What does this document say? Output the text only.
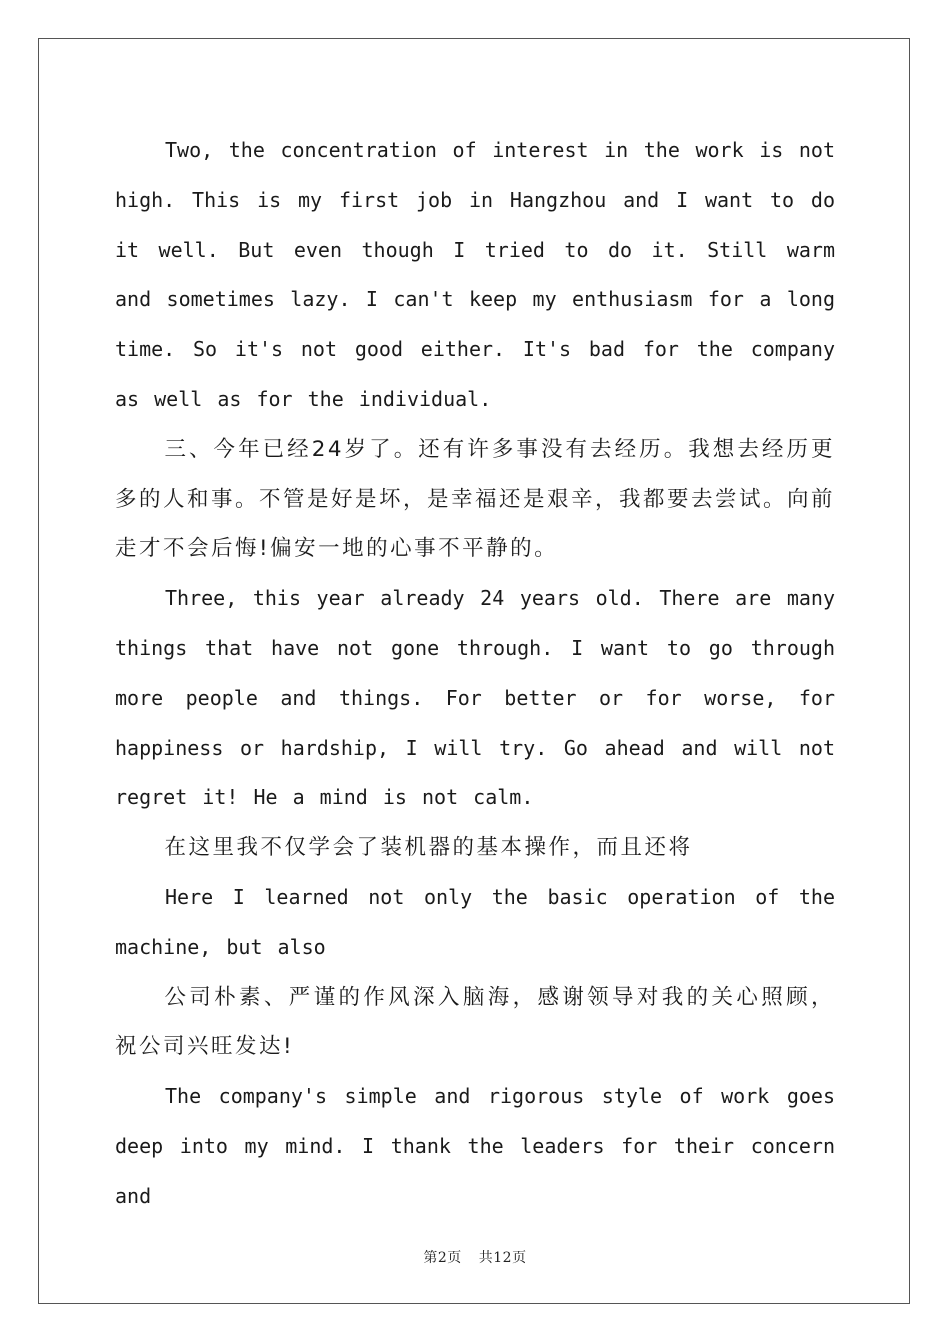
Two, the concentration of interest in the work is not high. This is my first job in Hangzhou and I want to do it well. But even though I tried to do it. Still warm and sometimes lazy. I can't keep my enthusiasm for a long time. So it's not good either. It's bad for the company as well as for the individual.

三、今年已经24岁了。还有许多事没有去经历。我想去经历更多的人和事。不管是好是坏，是幸福还是艰辛，我都要去尝试。向前走才不会后悔!偏安一地的心事不平静的。

Three, this year already 24 years old. There are many things that have not gone through. I want to go through more people and things. For better or for worse, for happiness or hardship, I will try. Go ahead and will not regret it! He a mind is not calm.

在这里我不仅学会了装机器的基本操作，而且还将

Here I learned not only the basic operation of the machine, but also

公司朴素、严谨的作风深入脑海，感谢领导对我的关心照顾，祝公司兴旺发达!

The company's simple and rigorous style of work goes deep into my mind. I thank the leaders for their concern and

第2页 共12页
